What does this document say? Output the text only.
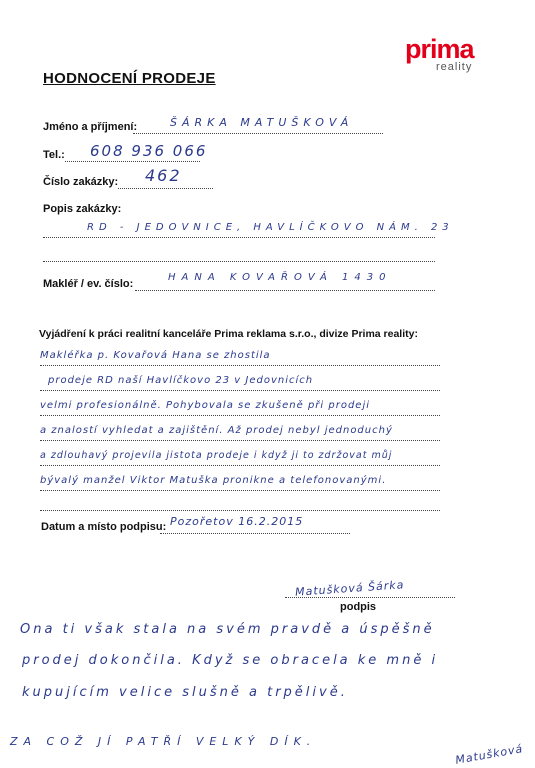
prima
reality
HODNOCENÍ PRODEJE
Jméno a příjmení:	ŠÁRKA MATUŠKOVÁ
Tel.: 608 936 066
Číslo zakázky: 462
Popis zakázky:
RD - JEDOVNICE, HAVLÍČKOVO NÁM. 23
Makléř / ev. číslo:
HANA KOVAŘOVÁ 1430
Vyjádření k práci realitní kanceláře Prima reklama s.r.o., divize Prima reality:
Makléřka p. Kovařová Hana se zhostila
prodeje RD naší Havlíčkovo 23 v Jedovnicích
velmi profesionálně. Pohybovala se zkušeně při prodeji
a znalostí vyhledat a zajištění. Až prodej nebyl jednoduchý
a zdlouhavý projevila jistota prodeje i když ji to zdržovat můj
bývalý manžel Viktor Matuška pronikne a telefonovanými.
Datum a místo podpisu: Pozořetov 16.2.2015
Matušková Šárka
podpis
Ona ti však stala na svém pravdě a úspěšně
prodej dokončila. Když se obracela ke mně i
kupujícím velice slušně a trpělivě.
ZA COŽ JÍ PATŘÍ VELKÝ DÍK.
Matušková
